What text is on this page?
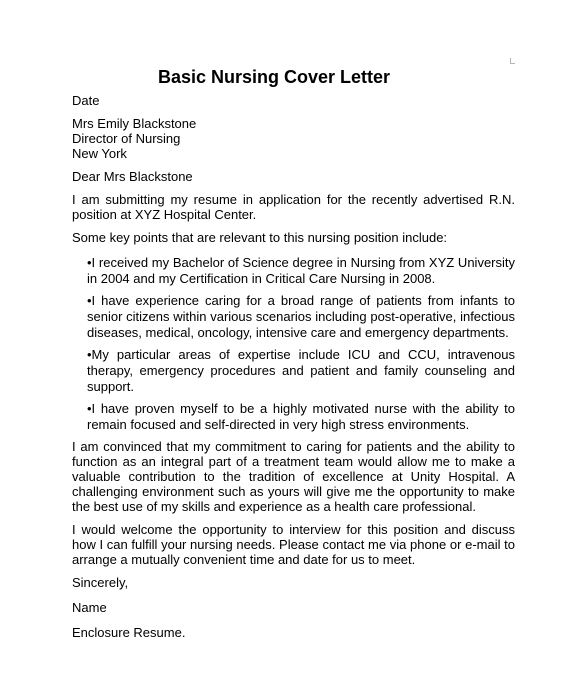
Basic Nursing Cover Letter

Date

Mrs Emily Blackstone
Director of Nursing
New York

Dear Mrs Blackstone

I am submitting my resume in application for the recently advertised R.N. position at XYZ Hospital Center.

Some key points that are relevant to this nursing position include:

•I received my Bachelor of Science degree in Nursing from XYZ University in 2004 and my Certification in Critical Care Nursing in 2008.

•I have experience caring for a broad range of patients from infants to senior citizens within various scenarios including post-operative, infectious diseases, medical, oncology, intensive care and emergency departments.

•My particular areas of expertise include ICU and CCU, intravenous therapy, emergency procedures and patient and family counseling and support.

•I have proven myself to be a highly motivated nurse with the ability to remain focused and self-directed in very high stress environments.

I am convinced that my commitment to caring for patients and the ability to function as an integral part of a treatment team would allow me to make a valuable contribution to the tradition of excellence at Unity Hospital. A challenging environment such as yours will give me the opportunity to make the best use of my skills and experience as a health care professional.

I would welcome the opportunity to interview for this position and discuss how I can fulfill your nursing needs. Please contact me via phone or e-mail to arrange a mutually convenient time and date for us to meet.

Sincerely,

Name

Enclosure Resume.
